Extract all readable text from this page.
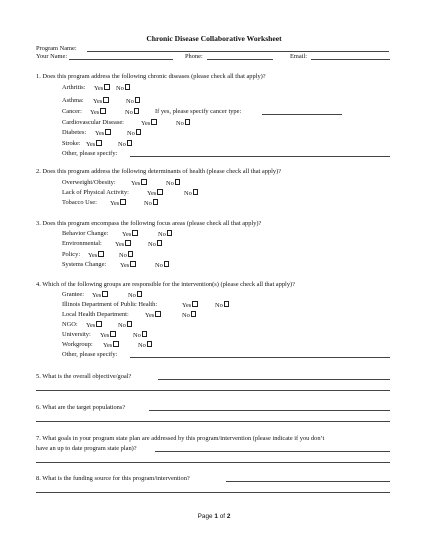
Chronic Disease Collaborative Worksheet
Program Name:
Your Name:	Phone:	Email:
1. Does this program address the following chronic diseases (please check all that apply)?
Arthritis: Yes	No
Asthma: Yes	No
Cancer: Yes	No	If yes, please specify cancer type:
Cardiovascular Disease:	Yes	No
Diabetes: Yes	No
Stroke: Yes	No
Other, please specify:
2. Does this program address the following determinants of health (please check all that apply)?
Overweight/Obesity: Yes	No
Lack of Physical Activity:	Yes	No
Tobacco Use: Yes	No
3. Does this program encompass the following focus areas (please check all that apply)?
Behavior Change: Yes	No
Environmental: Yes	No
Policy: Yes	No
Systems Change: Yes	No
4. Which of the following groups are responsible for the intervention(s) (please check all that apply)?
Grantee: Yes	No
Illinois Department of Public Health:	Yes	No
Local Health Department:	Yes	No
NGO: Yes	No
University: Yes	No
Workgroup: Yes	No
Other, please specify:
5. What is the overall objective/goal?
6. What are the target populations?
7. What goals in your program state plan are addressed by this program/intervention (please indicate if you don’t
have an up to date program state plan)?
8. What is the funding source for this program/intervention?
Page 1 of 2
